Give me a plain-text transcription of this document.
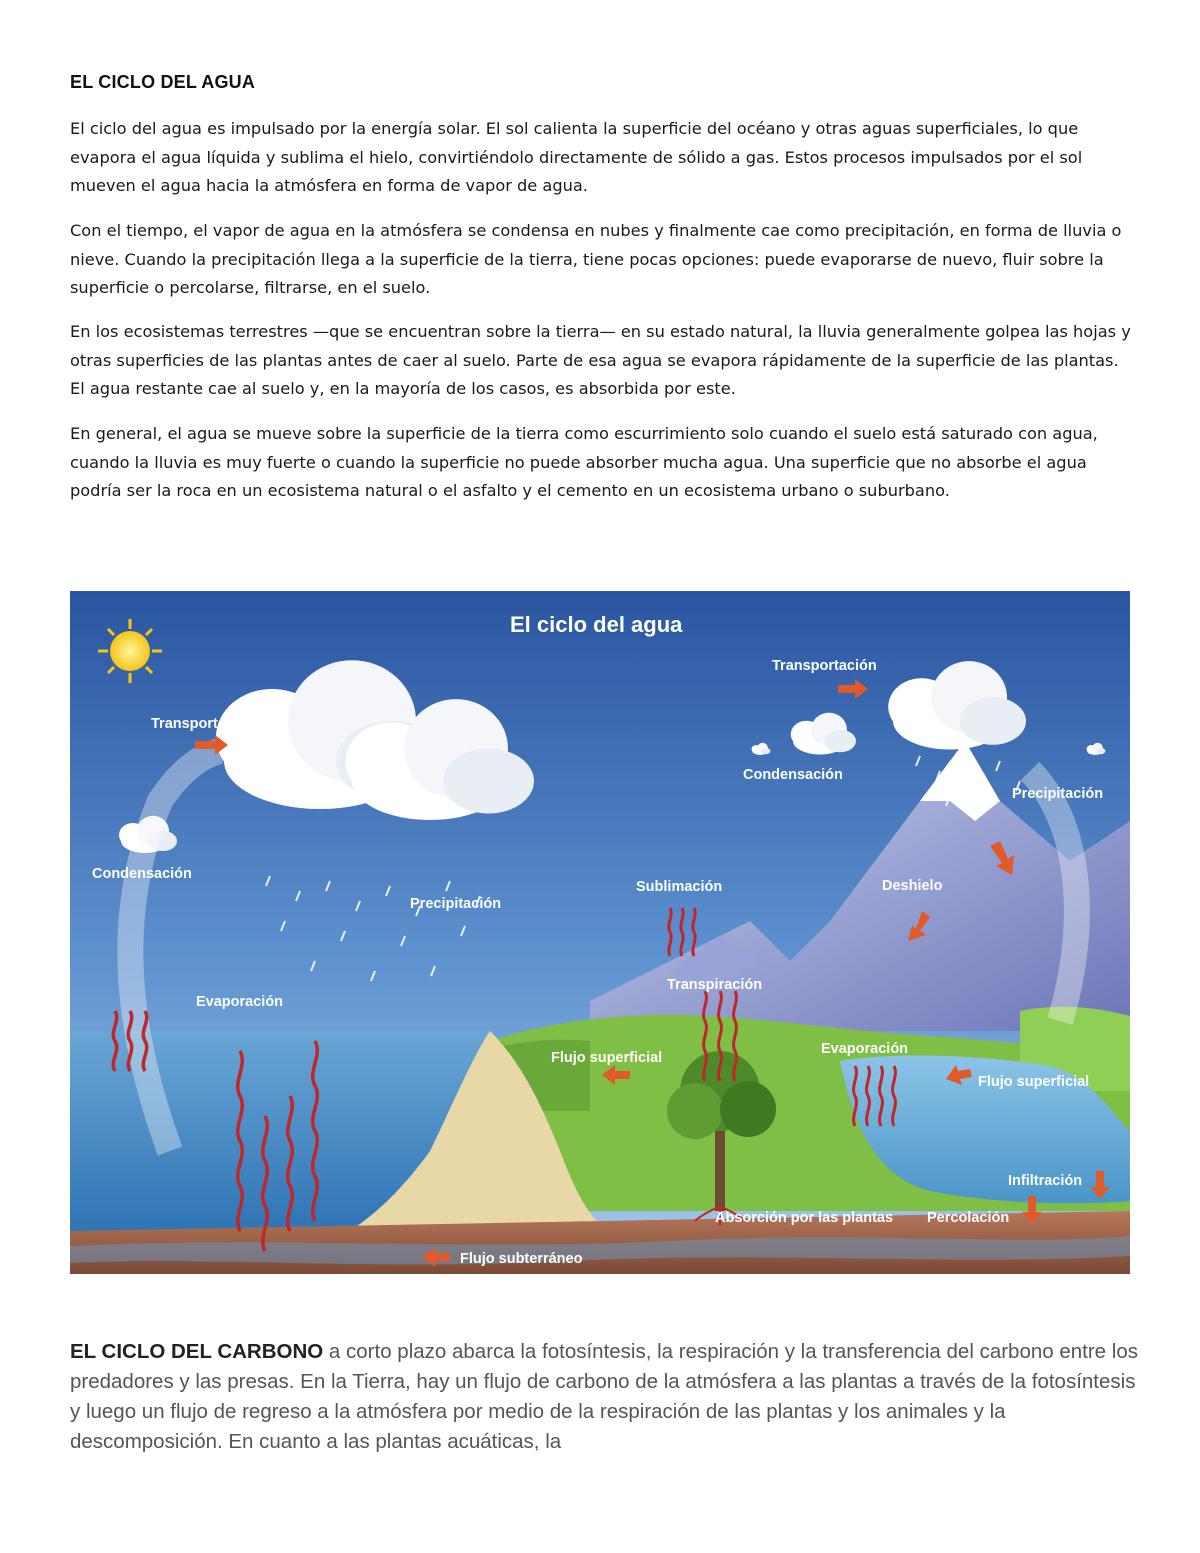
EL CICLO DEL AGUA

El ciclo del agua es impulsado por la energía solar. El sol calienta la superficie del océano y otras aguas superficiales, lo que evapora el agua líquida y sublima el hielo, convirtiéndolo directamente de sólido a gas. Estos procesos impulsados por el sol mueven el agua hacia la atmósfera en forma de vapor de agua.

Con el tiempo, el vapor de agua en la atmósfera se condensa en nubes y finalmente cae como precipitación, en forma de lluvia o nieve. Cuando la precipitación llega a la superficie de la tierra, tiene pocas opciones: puede evaporarse de nuevo, fluir sobre la superficie o percolarse, filtrarse, en el suelo.

En los ecosistemas terrestres —que se encuentran sobre la tierra— en su estado natural, la lluvia generalmente golpea las hojas y otras superficies de las plantas antes de caer al suelo. Parte de esa agua se evapora rápidamente de la superficie de las plantas. El agua restante cae al suelo y, en la mayoría de los casos, es absorbida por este.

En general, el agua se mueve sobre la superficie de la tierra como escurrimiento solo cuando el suelo está saturado con agua, cuando la lluvia es muy fuerte o cuando la superficie no puede absorber mucha agua. Una superficie que no absorbe el agua podría ser la roca en un ecosistema natural o el asfalto y el cemento en un ecosistema urbano o suburbano.

El ciclo del agua
Transportación
Transportación
Condensación
Condensación
Precipitación
Precipitación
Sublimación	Deshielo
Evaporación
Transpiración
Evaporación
Flujo superficial
Flujo superficial
Infiltración
Absorción por las plantas Percolación
Flujo subterráneo

EL CICLO DEL CARBONO a corto plazo abarca la fotosíntesis, la respiración y la transferencia del carbono entre los predadores y las presas. En la Tierra, hay un flujo de carbono de la atmósfera a las plantas a través de la fotosíntesis y luego un flujo de regreso a la atmósfera por medio de la respiración de las plantas y los animales y la descomposición. En cuanto a las plantas acuáticas, la
